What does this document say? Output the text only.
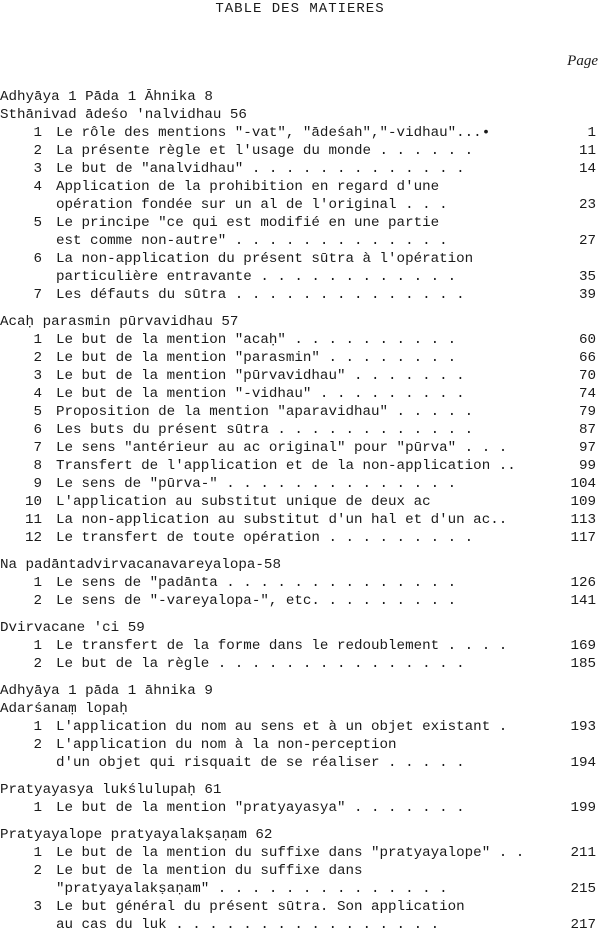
TABLE DES MATIERES
Page
Adhyāya 1 Pāda 1 Āhnika 8
Sthānivad ādeśo 'nalvidhau 56
1 Le rôle des mentions "-vat", "ādeśah","-vidhau"...•	1
2 La présente règle et l'usage du monde . . . . . .	11
3 Le but de "analvidhau" . . . . . . . . . . . . .	14
4 Application de la prohibition en regard d'une
opération fondée sur un al de l'original . . .	23
5 Le principe "ce qui est modifié en une partie
est comme non-autre" . . . . . . . . . . . . .	27
6 La non-application du présent sūtra à l'opération
particulière entravante . . . . . . . . . . . .	35
7 Les défauts du sūtra . . . . . . . . . . . . . .	39
Acaḥ parasmin pūrvavidhau 57
1 Le but de la mention "acaḥ" . . . . . . . . . .	60
2 Le but de la mention "parasmin" . . . . . . . .	66
3 Le but de la mention "pūrvavidhau" . . . . . . .	70
4 Le but de la mention "-vidhau" . . . . . . . . .	74
5 Proposition de la mention "aparavidhau" . . . . .	79
6 Les buts du présent sūtra . . . . . . . . . . . .	87
7 Le sens "antérieur au ac original" pour "pūrva" . . .	97
8 Transfert de l'application et de la non-application ..	99
9 Le sens de "pūrva-" . . . . . . . . . . . . . .	104
10 L'application au substitut unique de deux ac	109
11 La non-application au substitut d'un hal et d'un ac..	113
12 Le transfert de toute opération . . . . . . . . .	117
Na padāntadvirvacanavareyalopa-58
1 Le sens de "padānta . . . . . . . . . . . . . .	126
2 Le sens de "-vareyalopa-", etc. . . . . . . . .	141
Dvirvacane 'ci 59
1 Le transfert de la forme dans le redoublement . . . .	169
2 Le but de la règle . . . . . . . . . . . . . . .	185
Adhyāya 1 pāda 1 āhnika 9
Adarśanaṃ lopaḥ
1 L'application du nom au sens et à un objet existant .	193
2 L'application du nom à la non-perception
d'un objet qui risquait de se réaliser . . . . .	194
Pratyayasya lukślulupaḥ 61
1 Le but de la mention "pratyayasya" . . . . . . .	199
Pratyayalope pratyayalakṣaṇam 62
1 Le but de la mention du suffixe dans "pratyayalope" . .	211
2 Le but de la mention du suffixe dans
"pratyayalakṣaṇam" . . . . . . . . . . . . . .	215
3 Le but général du présent sūtra. Son application
au cas du luk . . . . . . . . . . . . . . . .	217
